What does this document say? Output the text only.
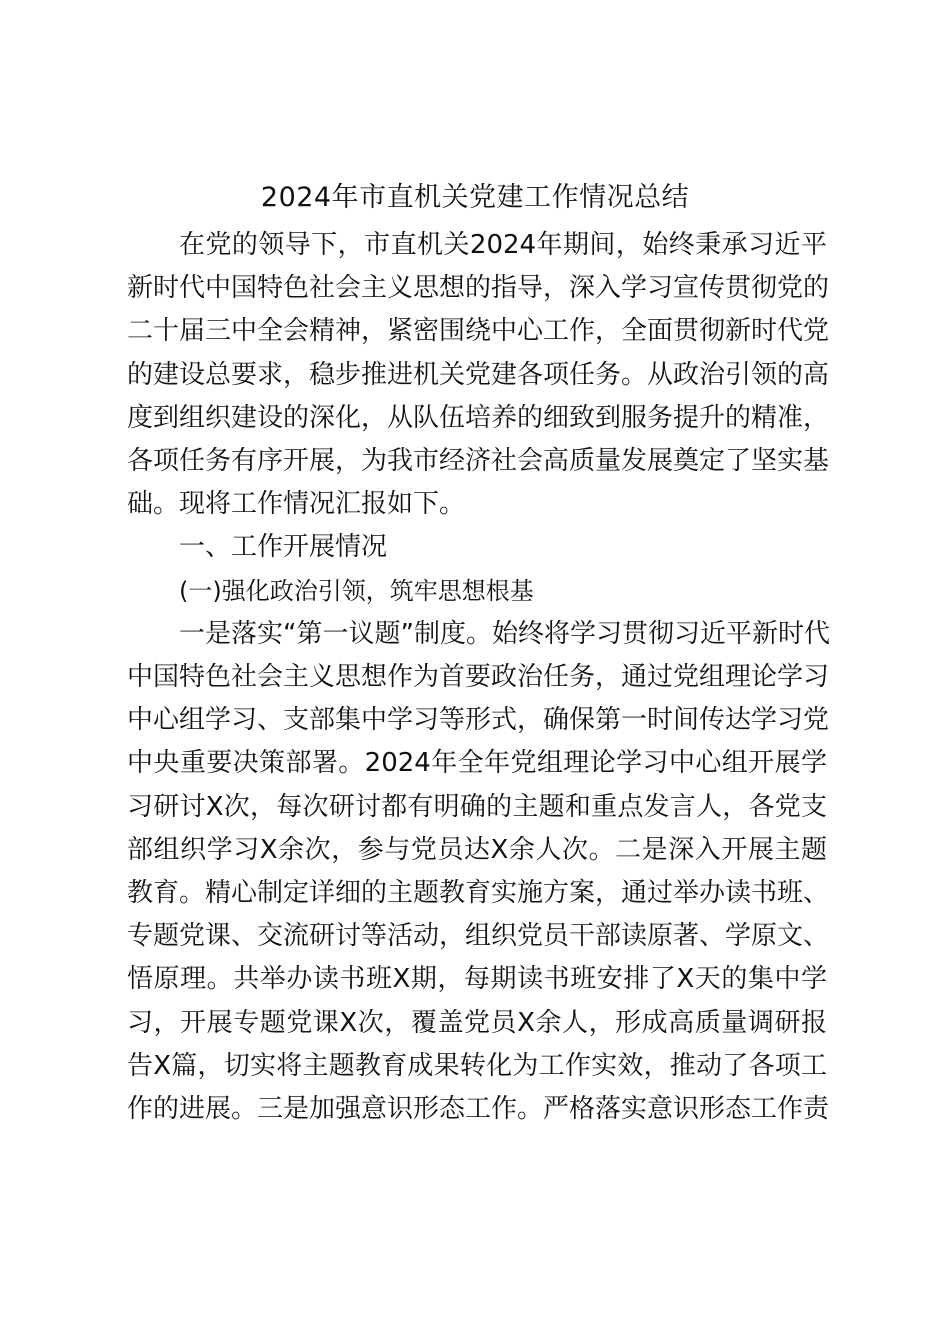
2024年市直机关党建工作情况总结
在党的领导下，市直机关2024年期间，始终秉承习近平
新时代中国特色社会主义思想的指导，深入学习宣传贯彻党的
二十届三中全会精神，紧密围绕中心工作，全面贯彻新时代党
的建设总要求，稳步推进机关党建各项任务。从政治引领的高
度到组织建设的深化，从队伍培养的细致到服务提升的精准，
各项任务有序开展，为我市经济社会高质量发展奠定了坚实基
础。现将工作情况汇报如下。
一、工作开展情况
(一)强化政治引领，筑牢思想根基
一是落实“第一议题”制度。始终将学习贯彻习近平新时代
中国特色社会主义思想作为首要政治任务，通过党组理论学习
中心组学习、支部集中学习等形式，确保第一时间传达学习党
中央重要决策部署。2024年全年党组理论学习中心组开展学
习研讨X次，每次研讨都有明确的主题和重点发言人，各党支
部组织学习X余次，参与党员达X余人次。二是深入开展主题
教育。精心制定详细的主题教育实施方案，通过举办读书班、
专题党课、交流研讨等活动，组织党员干部读原著、学原文、
悟原理。共举办读书班X期，每期读书班安排了X天的集中学
习，开展专题党课X次，覆盖党员X余人，形成高质量调研报
告X篇，切实将主题教育成果转化为工作实效，推动了各项工
作的进展。三是加强意识形态工作。严格落实意识形态工作责
